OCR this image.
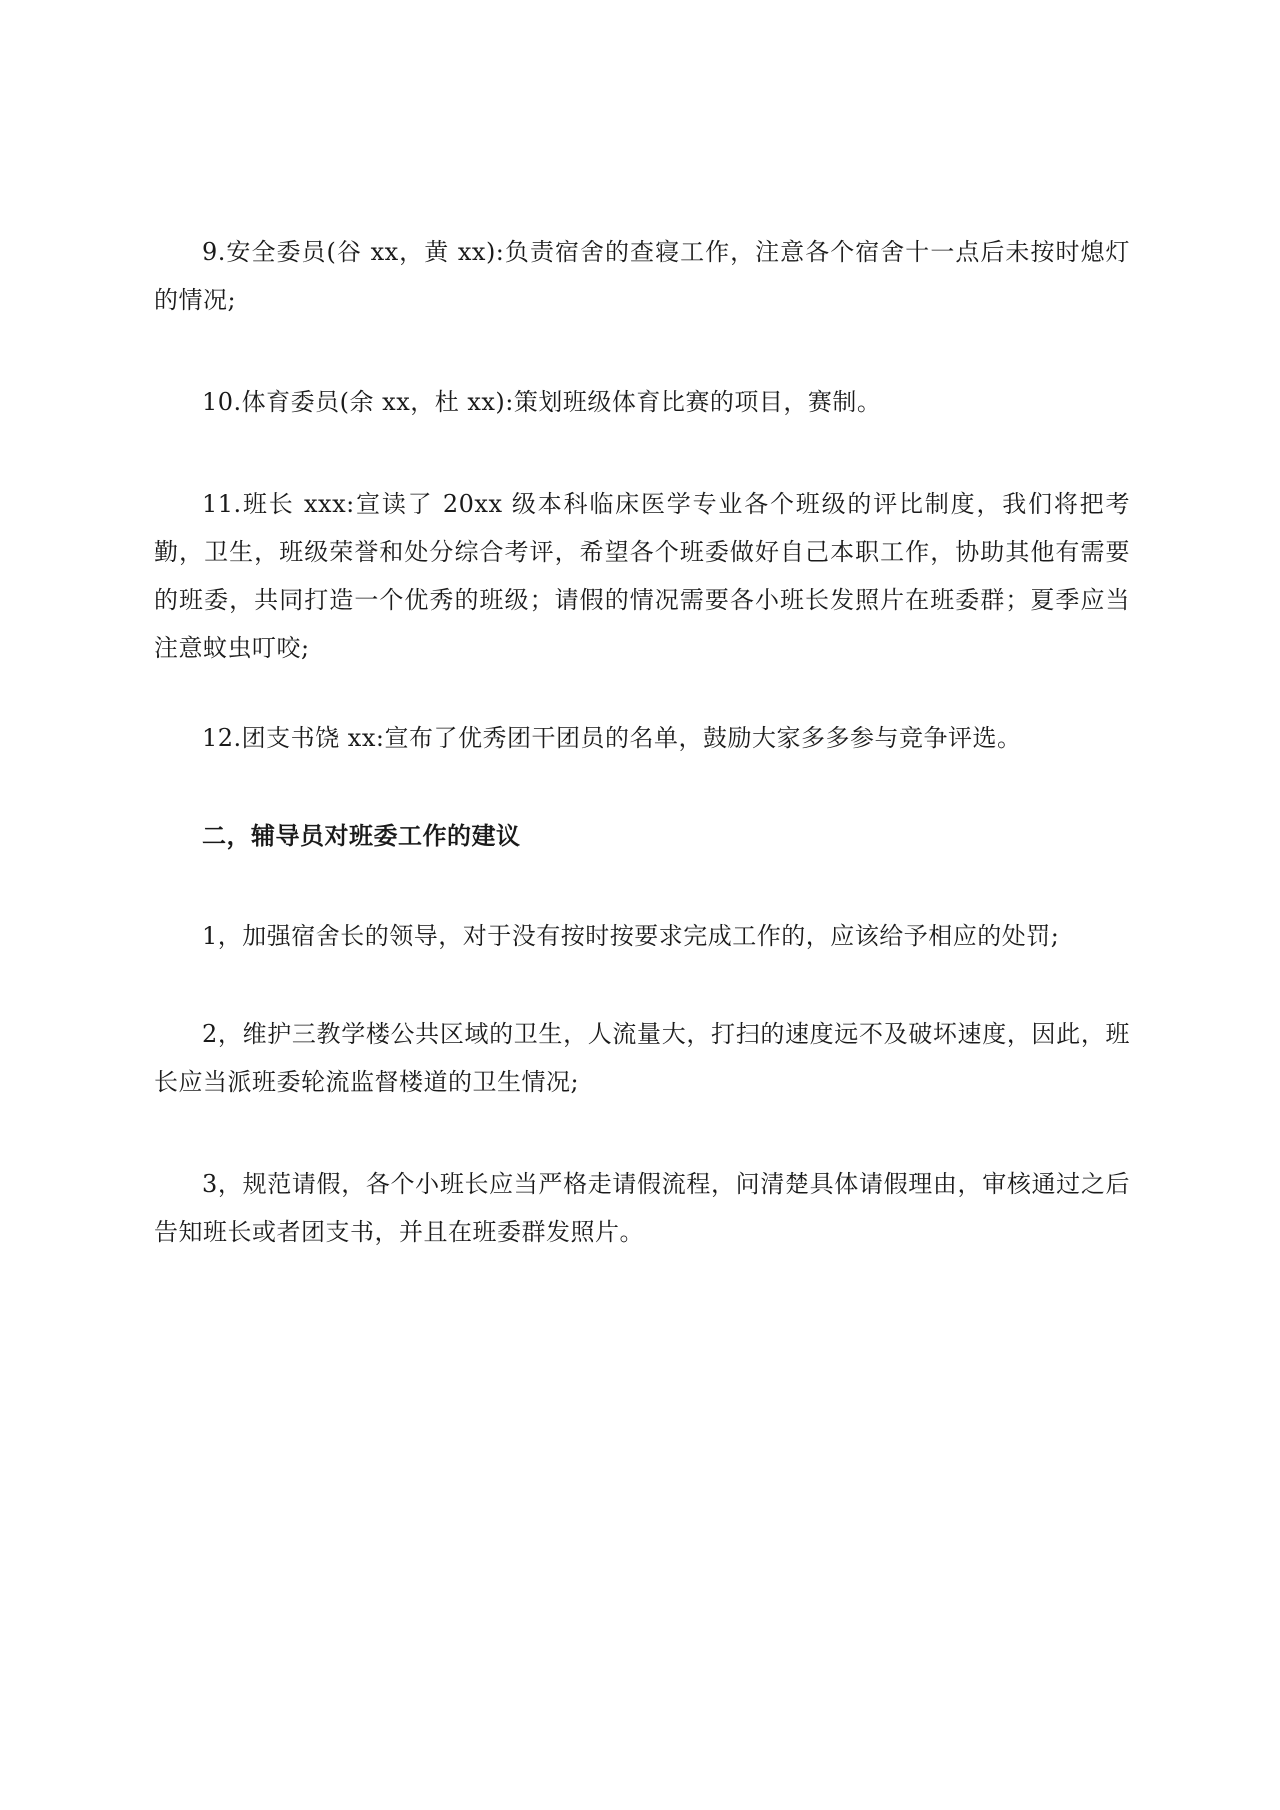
9.安全委员(谷 xx，黄 xx):负责宿舍的查寝工作，注意各个宿舍十一点后未按时熄灯的情况;

10.体育委员(余 xx，杜 xx):策划班级体育比赛的项目，赛制。

11.班长 xxx:宣读了 20xx 级本科临床医学专业各个班级的评比制度，我们将把考勤，卫生，班级荣誉和处分综合考评，希望各个班委做好自己本职工作，协助其他有需要的班委，共同打造一个优秀的班级；请假的情况需要各小班长发照片在班委群；夏季应当注意蚊虫叮咬;

12.团支书饶 xx:宣布了优秀团干团员的名单，鼓励大家多多参与竞争评选。

二，辅导员对班委工作的建议

1，加强宿舍长的领导，对于没有按时按要求完成工作的，应该给予相应的处罚;

2，维护三教学楼公共区域的卫生，人流量大，打扫的速度远不及破坏速度，因此，班长应当派班委轮流监督楼道的卫生情况;

3，规范请假，各个小班长应当严格走请假流程，问清楚具体请假理由，审核通过之后告知班长或者团支书，并且在班委群发照片。
